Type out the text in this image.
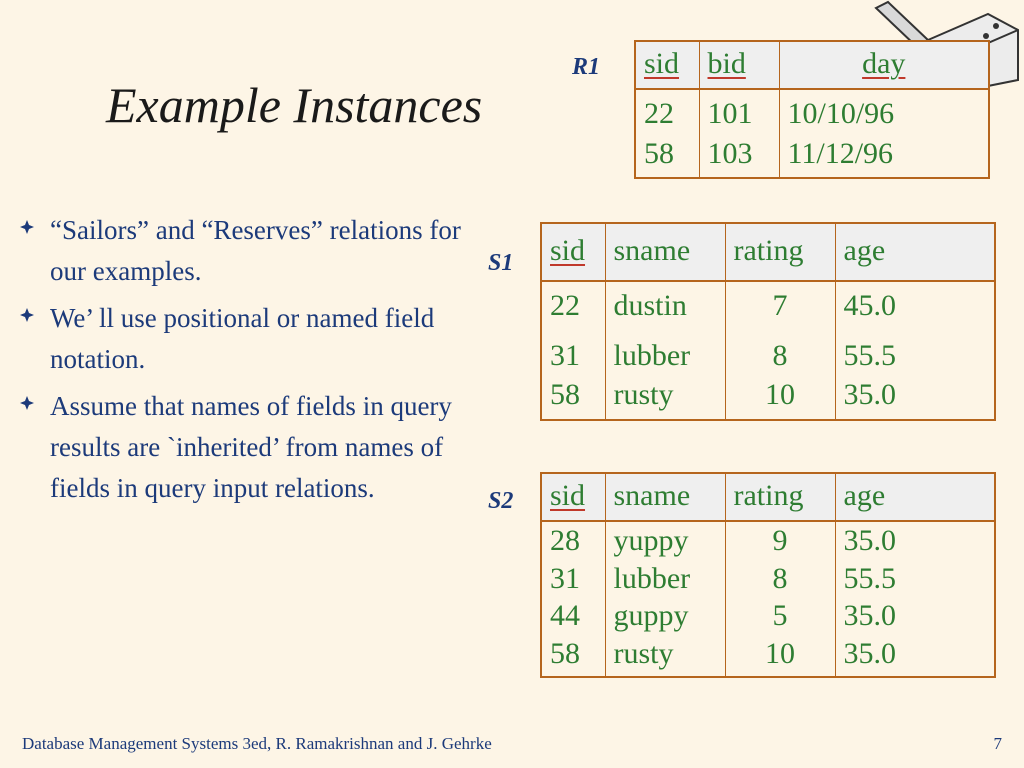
Example Instances
“Sailors” and “Reserves” relations for our examples.
We’ ll use positional or named field notation.
Assume that names of fields in query results are `inherited’ from names of fields in query input relations.
R1 sid	bid	day
22	101	10/10/96
58	103	11/12/96
S1 sid	sname	rating	age
22	dustin	7	45.0
31	lubber	8	55.5
58	rusty	10	35.0
S2 sid	sname	rating	age
28	yuppy	9	35.0
31	lubber	8	55.5
44	guppy	5	35.0
58	rusty	10	35.0
Database Management Systems 3ed, R. Ramakrishnan and J. Gehrke	7
